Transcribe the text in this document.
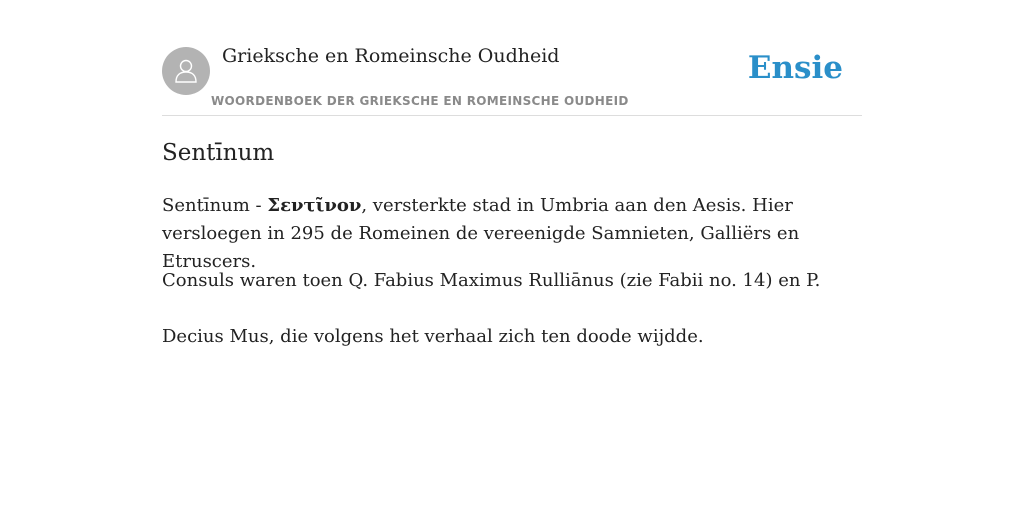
Grieksche en Romeinsche Oudheid
WOORDENBOEK DER GRIEKSCHE EN ROMEINSCHE OUDHEID
Ensie
Sentīnum

Sentīnum - Σεντῖνον, versterkte stad in Umbria aan den Aesis. Hier versloegen in 295 de Romeinen de vereenigde Samnieten, Galliërs en Etruscers.

Consuls waren toen Q. Fabius Maximus Rulliānus (zie Fabii no. 14) en P.

Decius Mus, die volgens het verhaal zich ten doode wijdde.
